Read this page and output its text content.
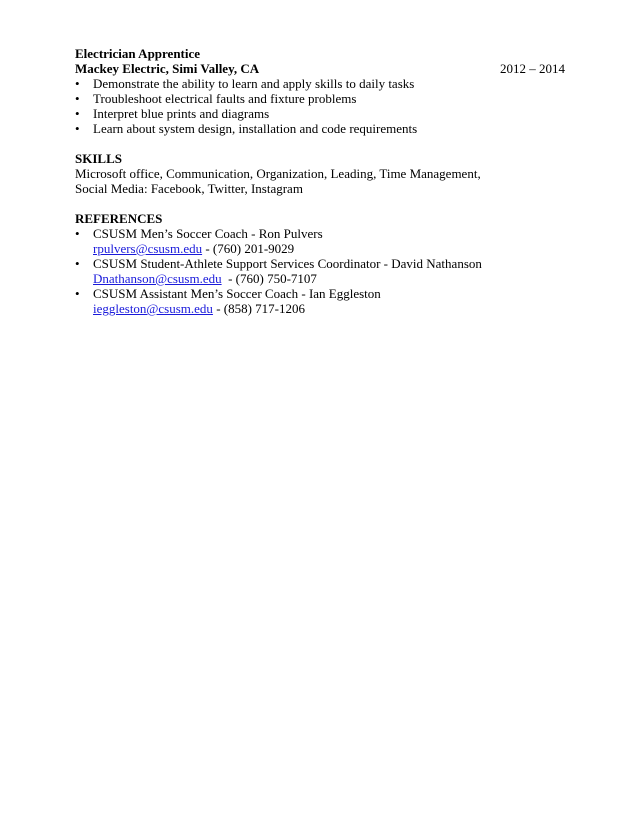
Electrician Apprentice
Mackey Electric, Simi Valley, CA	2012 – 2014
• Demonstrate the ability to learn and apply skills to daily tasks
• Troubleshoot electrical faults and fixture problems
• Interpret blue prints and diagrams
• Learn about system design, installation and code requirements
SKILLS
Microsoft office, Communication, Organization, Leading, Time Management,
Social Media: Facebook, Twitter, Instagram
REFERENCES
• CSUSM Men’s Soccer Coach - Ron Pulvers
rpulvers@csusm.edu - (760) 201-9029
• CSUSM Student-Athlete Support Services Coordinator - David Nathanson
Dnathanson@csusm.edu  - (760) 750-7107
• CSUSM Assistant Men’s Soccer Coach - Ian Eggleston
ieggleston@csusm.edu - (858) 717-1206
